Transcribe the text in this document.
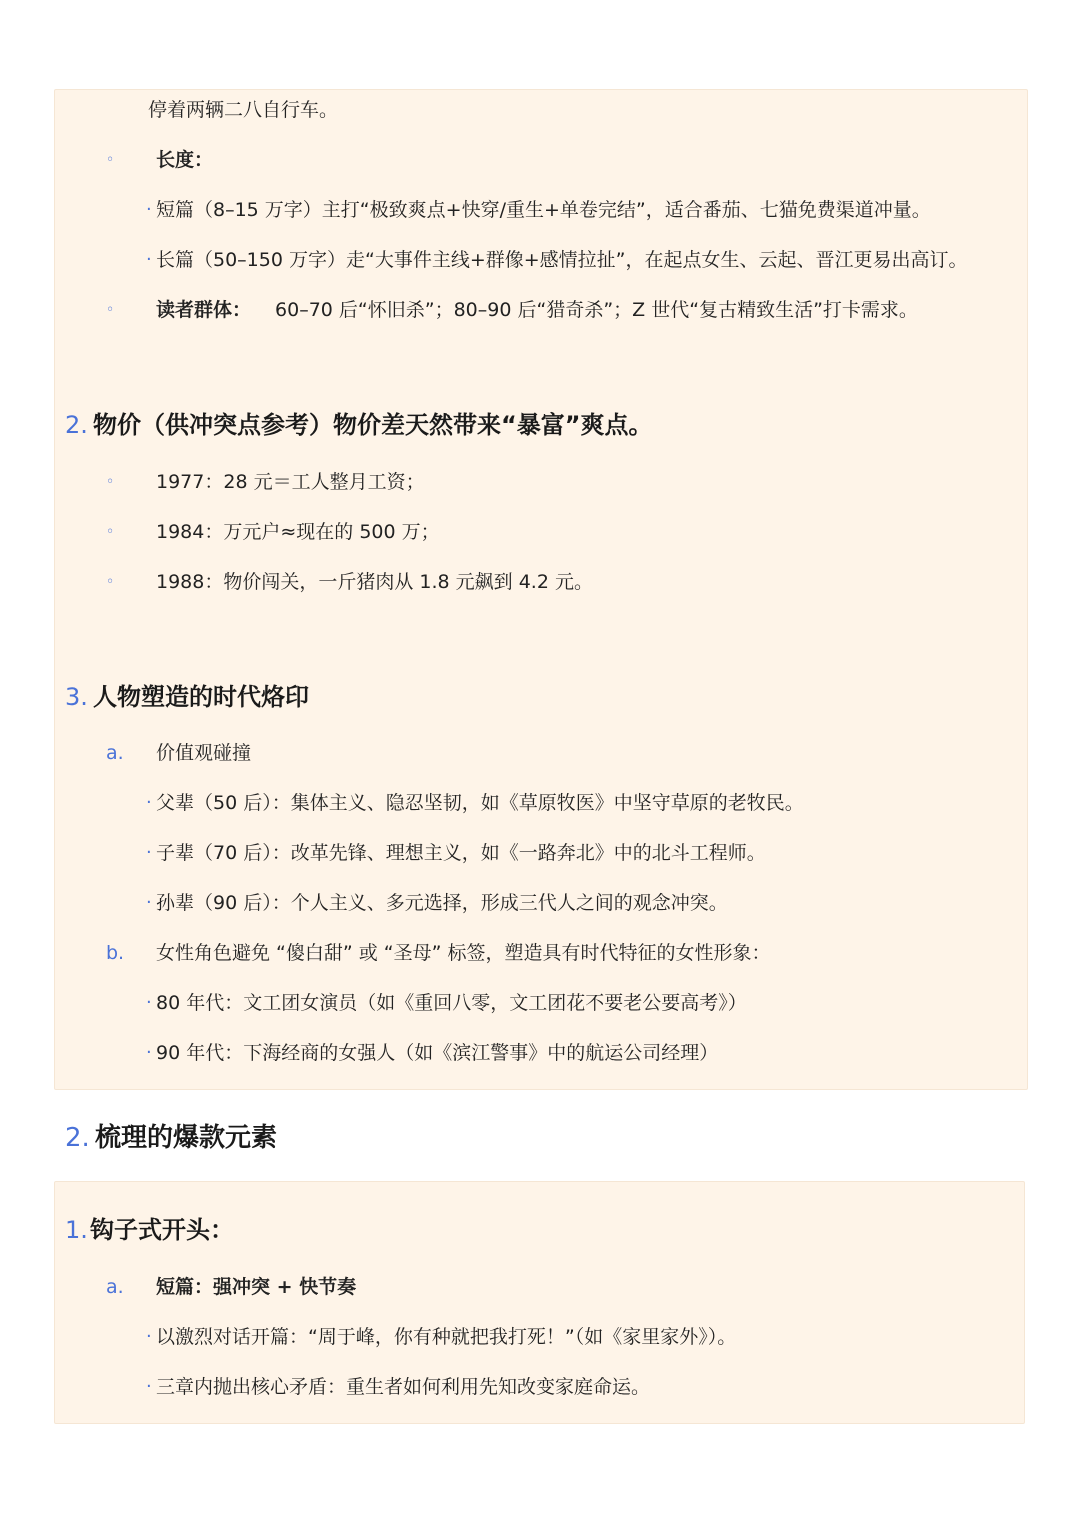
停着两辆二八自行车。
◦ 长度：
· 短篇（8–15 万字）主打“极致爽点+快穿/重生+单卷完结”，适合番茄、七猫免费渠道冲量。
· 长篇（50–150 万字）走“大事件主线+群像+感情拉扯”，在起点女生、云起、晋江更易出高订。
◦ 读者群体： 60–70 后“怀旧杀”；80–90 后“猎奇杀”；Z 世代“复古精致生活”打卡需求。
2. 物价（供冲突点参考）物价差天然带来“暴富”爽点。
◦ 1977：28 元＝工人整月工资；
◦ 1984：万元户≈现在的 500 万；
◦ 1988：物价闯关，一斤猪肉从 1.8 元飙到 4.2 元。
3. 人物塑造的时代烙印
a. 价值观碰撞
· 父辈（50 后）：集体主义、隐忍坚韧，如《草原牧医》中坚守草原的老牧民。
· 子辈（70 后）：改革先锋、理想主义，如《一路奔北》中的北斗工程师。
· 孙辈（90 后）：个人主义、多元选择，形成三代人之间的观念冲突。
b. 女性角色避免 “傻白甜” 或 “圣母” 标签，塑造具有时代特征的女性形象：
· 80 年代：文工团女演员（如《重回八零，文工团花不要老公要高考》）
· 90 年代：下海经商的女强人（如《滨江警事》中的航运公司经理）
2. 梳理的爆款元素
1. 钩子式开头：
a. 短篇：强冲突 + 快节奏
· 以激烈对话开篇：“周于峰，你有种就把我打死！”（如《家里家外》）。
· 三章内抛出核心矛盾：重生者如何利用先知改变家庭命运。
